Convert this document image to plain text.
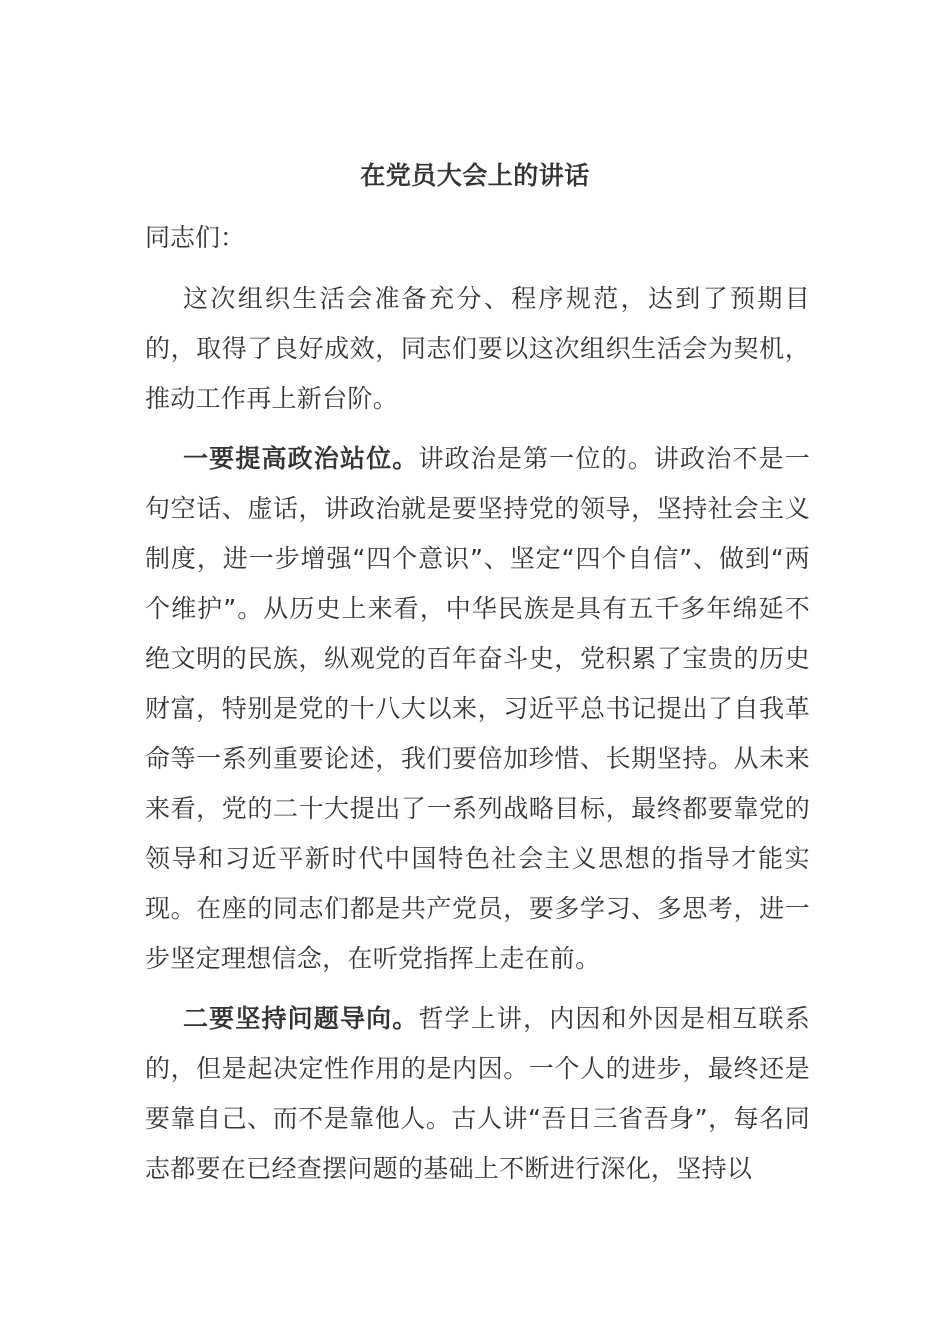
在党员大会上的讲话
同志们：
这次组织生活会准备充分、程序规范，达到了预期目的，取得了良好成效，同志们要以这次组织生活会为契机，推动工作再上新台阶。
一要提高政治站位。讲政治是第一位的。讲政治不是一句空话、虚话，讲政治就是要坚持党的领导，坚持社会主义制度，进一步增强“四个意识”、坚定“四个自信”、做到“两个维护”。从历史上来看，中华民族是具有五千多年绵延不绝文明的民族，纵观党的百年奋斗史，党积累了宝贵的历史财富，特别是党的十八大以来，习近平总书记提出了自我革命等一系列重要论述，我们要倍加珍惜、长期坚持。从未来来看，党的二十大提出了一系列战略目标，最终都要靠党的领导和习近平新时代中国特色社会主义思想的指导才能实现。在座的同志们都是共产党员，要多学习、多思考，进一步坚定理想信念，在听党指挥上走在前。
二要坚持问题导向。哲学上讲，内因和外因是相互联系的，但是起决定性作用的是内因。一个人的进步，最终还是要靠自己、而不是靠他人。古人讲“吾日三省吾身”，每名同志都要在已经查摆问题的基础上不断进行深化，坚持以
